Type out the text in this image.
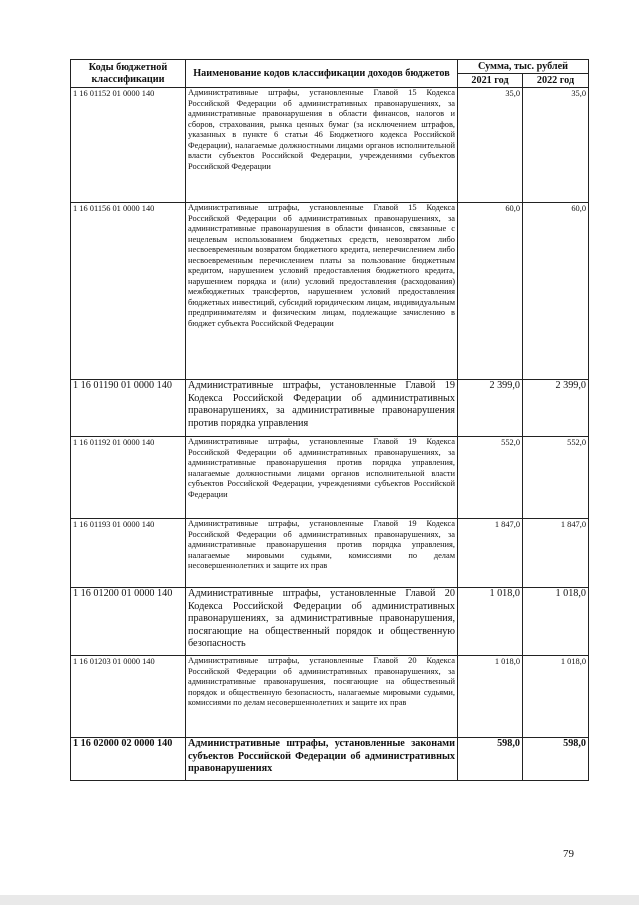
Коды бюджетной классификации	Наименование кодов классификации доходов бюджетов	Сумма, тыс. рублей	
		2021 год	2022 год
1 16 01152 01 0000 140	Административные штрафы, установленные Главой 15 Кодекса Российской Федерации об административных правонарушениях, за административные правонарушения в области финансов, налогов и сборов, страхования, рынка ценных бумаг (за исключением штрафов, указанных в пункте 6 статьи 46 Бюджетного кодекса Российской Федерации), налагаемые должностными лицами органов исполнительной власти субъектов Российской Федерации, учреждениями субъектов Российской Федерации	35,0	35,0
1 16 01156 01 0000 140	Административные штрафы, установленные Главой 15 Кодекса Российской Федерации об административных правонарушениях, за административные правонарушения в области финансов, связанные с нецелевым использованием бюджетных средств, невозвратом либо несвоевременным возвратом бюджетного кредита, неперечислением либо несвоевременным перечислением платы за пользование бюджетным кредитом, нарушением условий предоставления бюджетного кредита, нарушением порядка и (или) условий предоставления (расходования) межбюджетных трансфертов, нарушением условий предоставления бюджетных инвестиций, субсидий юридическим лицам, индивидуальным предпринимателям и физическим лицам, подлежащие зачислению в бюджет субъекта Российской Федерации	60,0	60,0
1 16 01190 01 0000 140	Административные штрафы, установленные Главой 19 Кодекса Российской Федерации об административных правонарушениях, за административные правонарушения против порядка управления	2 399,0	2 399,0
1 16 01192 01 0000 140	Административные штрафы, установленные Главой 19 Кодекса Российской Федерации об административных правонарушениях, за административные правонарушения против порядка управления, налагаемые должностными лицами органов исполнительной власти субъектов Российской Федерации, учреждениями субъектов Российской Федерации	552,0	552,0
1 16 01193 01 0000 140	Административные штрафы, установленные Главой 19 Кодекса Российской Федерации об административных правонарушениях, за административные правонарушения против порядка управления, налагаемые мировыми судьями, комиссиями по делам несовершеннолетних и защите их прав	1 847,0	1 847,0
1 16 01200 01 0000 140	Административные штрафы, установленные Главой 20 Кодекса Российской Федерации об административных правонарушениях, за административные правонарушения, посягающие на общественный порядок и общественную безопасность	1 018,0	1 018,0
1 16 01203 01 0000 140	Административные штрафы, установленные Главой 20 Кодекса Российской Федерации об административных правонарушениях, за административные правонарушения, посягающие на общественный порядок и общественную безопасность, налагаемые мировыми судьями, комиссиями по делам несовершеннолетних и защите их прав	1 018,0	1 018,0
1 16 02000 02 0000 140	Административные штрафы, установленные законами субъектов Российской Федерации об административных правонарушениях	598,0	598,0
79
